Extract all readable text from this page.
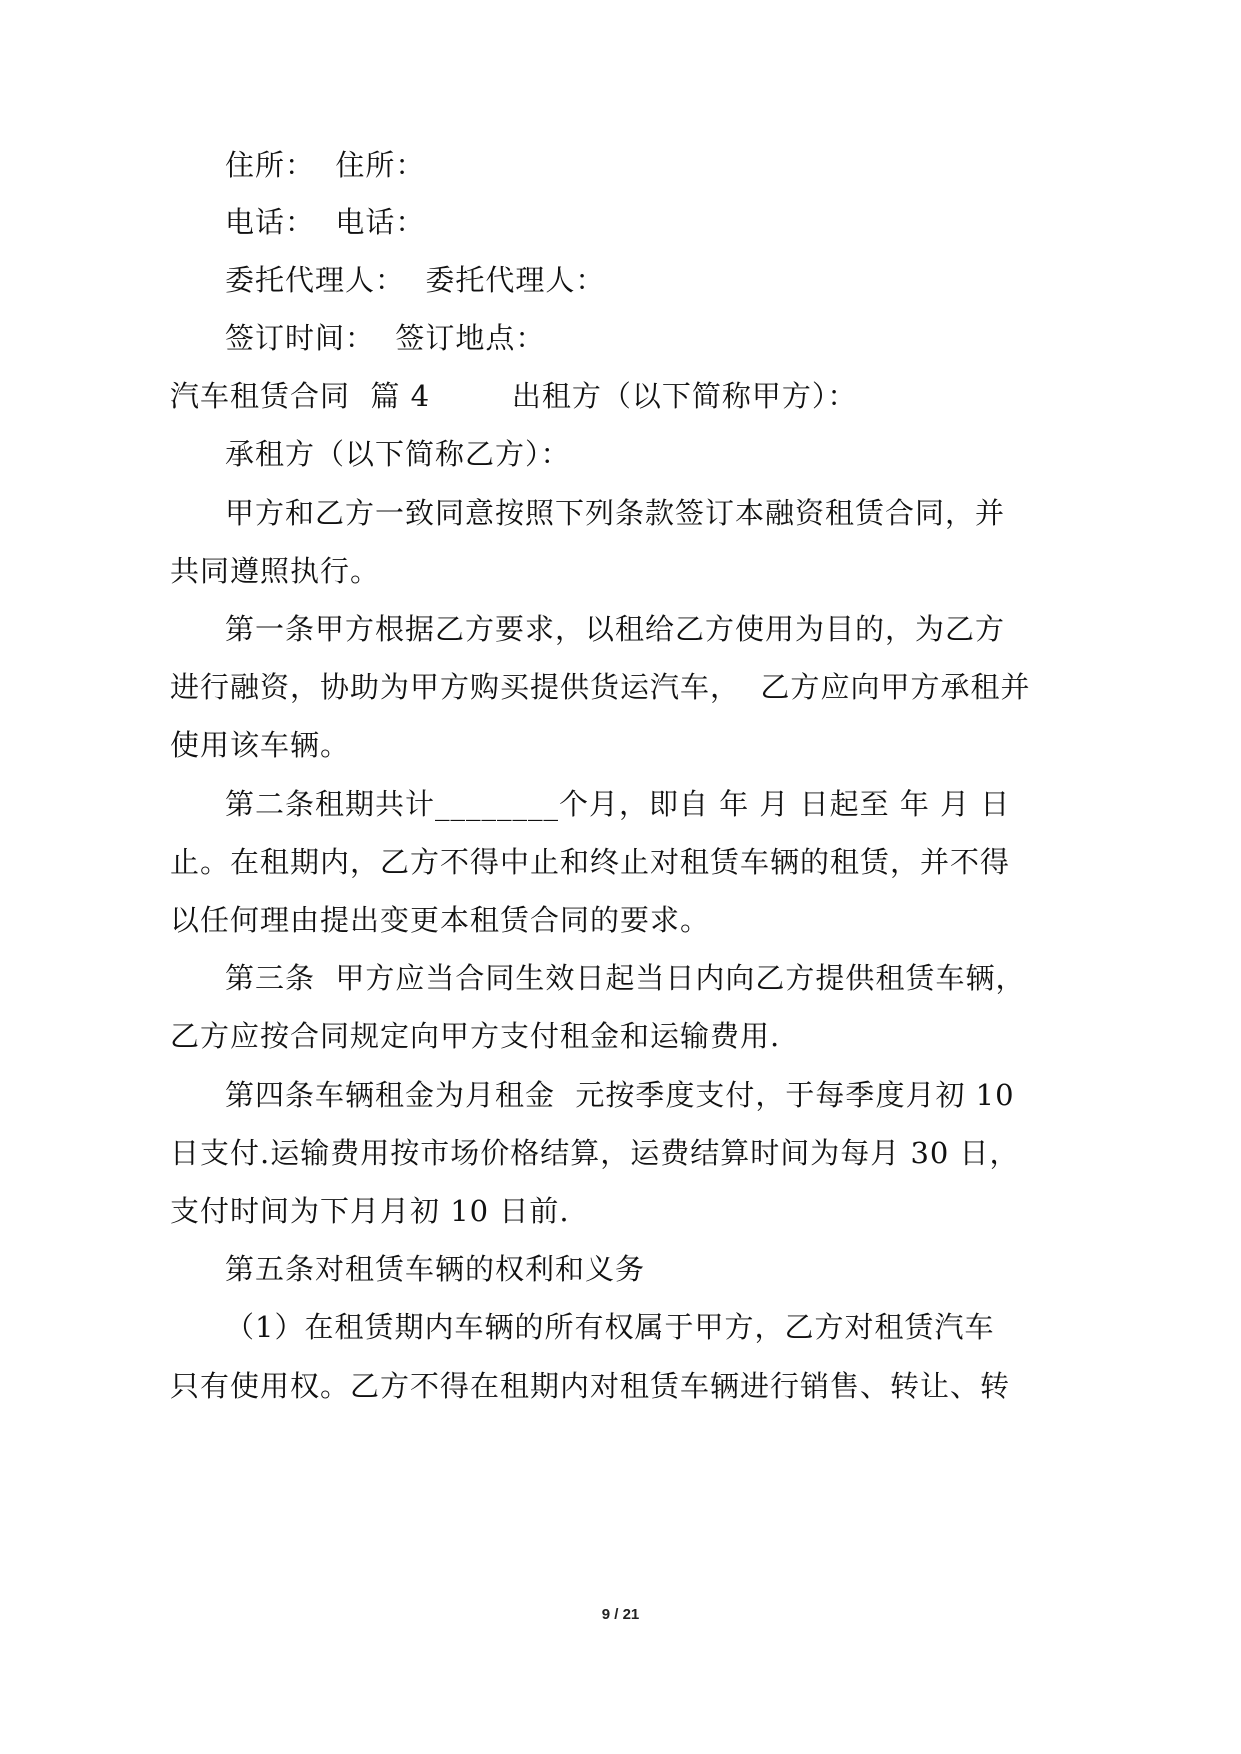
住所：  住所：
电话：  电话：
委托代理人：  委托代理人：
签订时间：  签订地点：
汽车租赁合同  篇 4        出租方（以下简称甲方）：
承租方（以下简称乙方）：
甲方和乙方一致同意按照下列条款签订本融资租赁合同，并
共同遵照执行。
第一条甲方根据乙方要求，以租给乙方使用为目的，为乙方
进行融资，协助为甲方购买提供货运汽车，  乙方应向甲方承租并
使用该车辆。
第二条租期共计________个月，即自 年 月 日起至 年 月 日
止。在租期内，乙方不得中止和终止对租赁车辆的租赁，并不得
以任何理由提出变更本租赁合同的要求。
第三条  甲方应当合同生效日起当日内向乙方提供租赁车辆，
乙方应按合同规定向甲方支付租金和运输费用.
第四条车辆租金为月租金  元按季度支付，于每季度月初 10
日支付.运输费用按市场价格结算，运费结算时间为每月 30 日，
支付时间为下月月初 10 日前.
第五条对租赁车辆的权利和义务
（1）在租赁期内车辆的所有权属于甲方，乙方对租赁汽车
只有使用权。乙方不得在租期内对租赁车辆进行销售、转让、转
9 / 21
